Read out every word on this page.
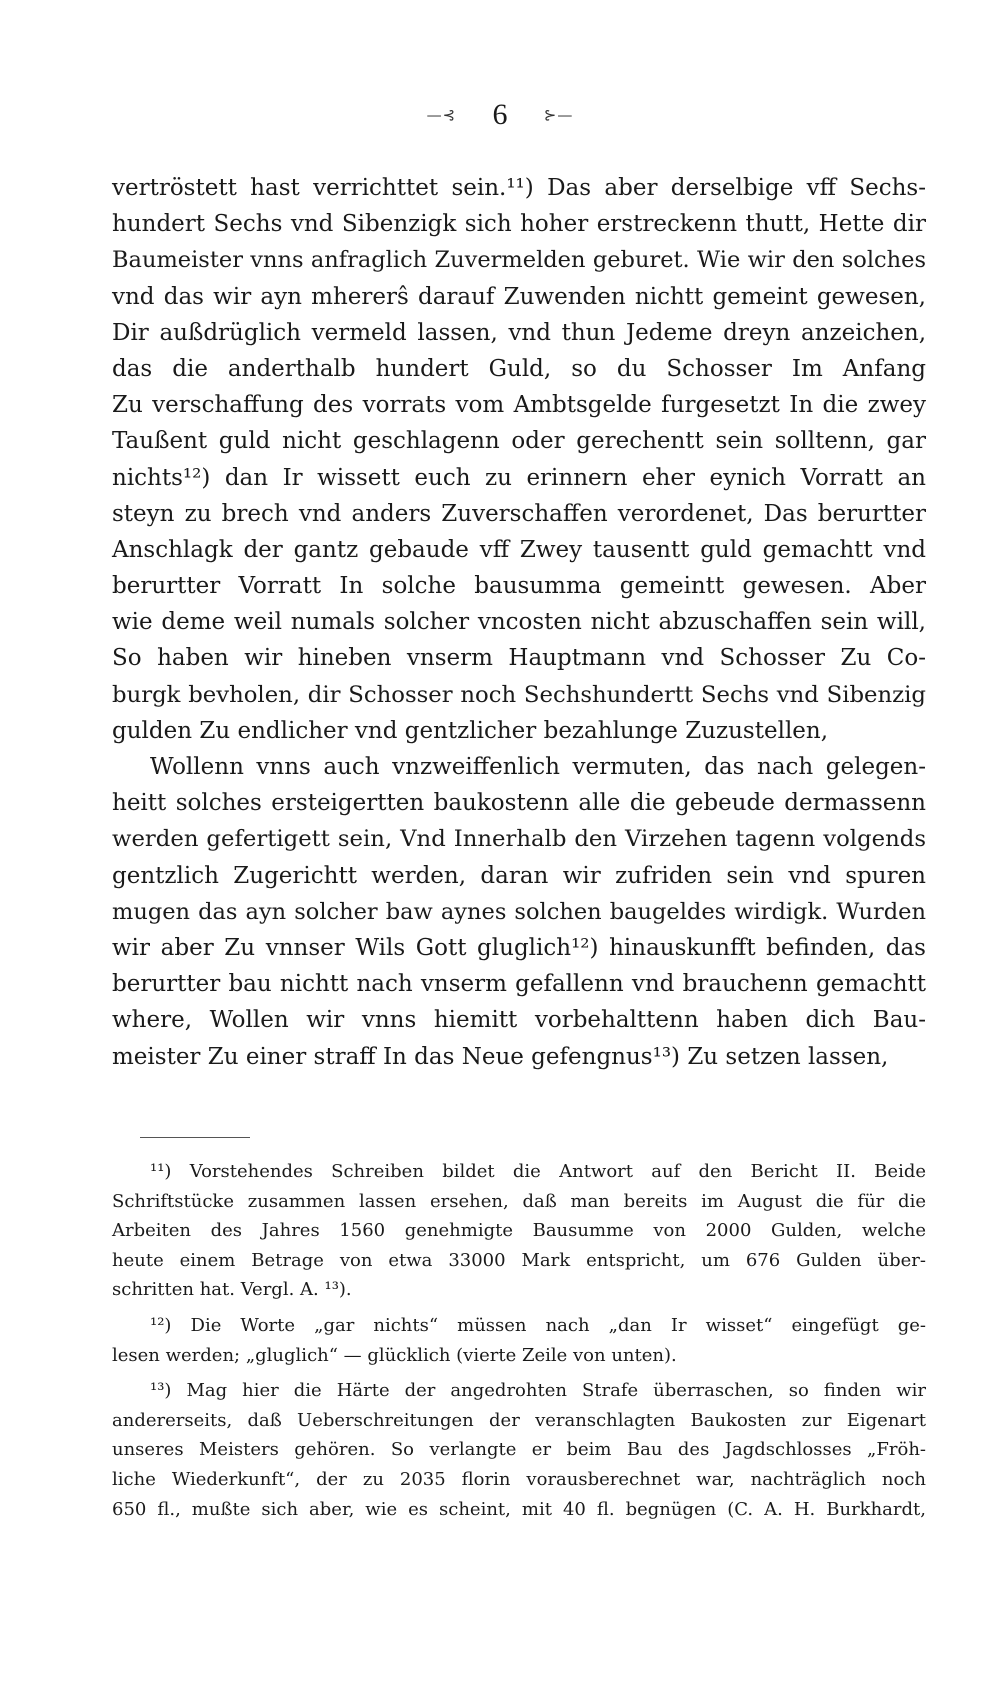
—⊰ 6 ⊱—
vertröstett hast verrichttet sein.¹¹) Das aber derselbige vff Sechs-
hundert Sechs vnd Sibenzigk sich hoher erstreckenn thutt, Hette dir
Baumeister vnns anfraglich Zuvermelden geburet. Wie wir den solches
vnd das wir ayn mhererŝ darauf Zuwenden nichtt gemeint gewesen,
Dir außdrüglich vermeld lassen, vnd thun Jedeme dreyn anzeichen,
das die anderthalb hundert Guld, so du Schosser Im Anfang
Zu verschaffung des vorrats vom Ambtsgelde furgesetzt In die zwey
Taußent guld nicht geschlagenn oder gerechentt sein solltenn, gar
nichts¹²) dan Ir wissett euch zu erinnern eher eynich Vorratt an
steyn zu brech vnd anders Zuverschaffen verordenet, Das berurtter
Anschlagk der gantz gebaude vff Zwey tausentt guld gemachtt vnd
berurtter Vorratt In solche bausumma gemeintt gewesen. Aber
wie deme weil numals solcher vncosten nicht abzuschaffen sein will,
So haben wir hineben vnserm Hauptmann vnd Schosser Zu Co-
burgk bevholen, dir Schosser noch Sechshundertt Sechs vnd Sibenzig
gulden Zu endlicher vnd gentzlicher bezahlunge Zuzustellen,
Wollenn vnns auch vnzweiffenlich vermuten, das nach gelegen-
heitt solches ersteigertten baukostenn alle die gebeude dermassenn
werden gefertigett sein, Vnd Innerhalb den Virzehen tagenn volgends
gentzlich Zugerichtt werden, daran wir zufriden sein vnd spuren
mugen das ayn solcher baw aynes solchen baugeldes wirdigk. Wurden
wir aber Zu vnnser Wils Gott gluglich¹²) hinauskunfft befinden, das
berurtter bau nichtt nach vnserm gefallenn vnd brauchenn gemachtt
where, Wollen wir vnns hiemitt vorbehalttenn haben dich Bau-
meister Zu einer straff In das Neue gefengnus¹³) Zu setzen lassen,
¹¹) Vorstehendes Schreiben bildet die Antwort auf den Bericht II. Beide
Schriftstücke zusammen lassen ersehen, daß man bereits im August die für die
Arbeiten des Jahres 1560 genehmigte Bausumme von 2000 Gulden, welche
heute einem Betrage von etwa 33000 Mark entspricht, um 676 Gulden über-
schritten hat. Vergl. A. ¹³).
¹²) Die Worte „gar nichts“ müssen nach „dan Ir wisset“ eingefügt ge-
lesen werden; „gluglich“ — glücklich (vierte Zeile von unten).
¹³) Mag hier die Härte der angedrohten Strafe überraschen, so finden wir
andererseits, daß Ueberschreitungen der veranschlagten Baukosten zur Eigenart
unseres Meisters gehören. So verlangte er beim Bau des Jagdschlosses „Fröh-
liche Wiederkunft“, der zu 2035 florin vorausberechnet war, nachträglich noch
650 fl., mußte sich aber, wie es scheint, mit 40 fl. begnügen (C. A. H. Burkhardt,
